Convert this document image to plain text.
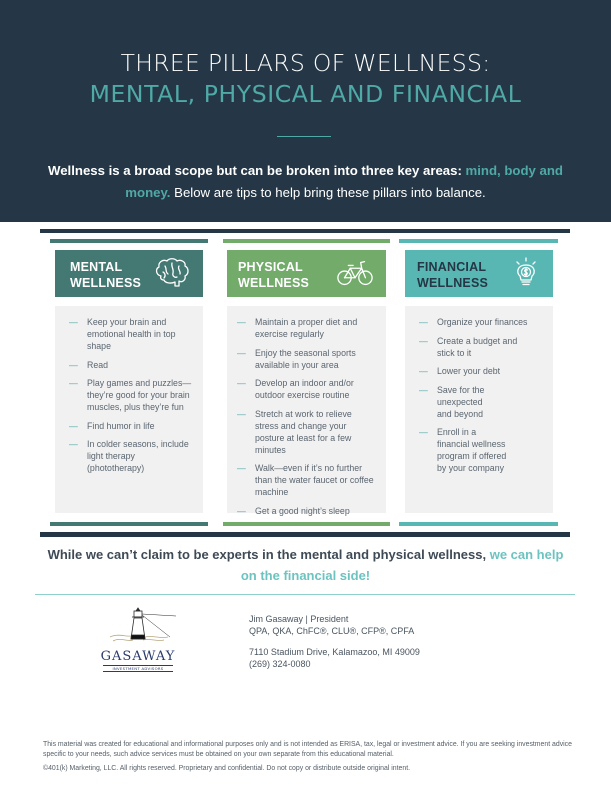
THREE PILLARS OF WELLNESS:
MENTAL, PHYSICAL AND FINANCIAL
Wellness is a broad scope but can be broken into three key areas: mind, body and money. Below are tips to help bring these pillars into balance.
MENTAL
WELLNESS
— Keep your brain and emotional health in top shape
— Read
— Play games and puzzles—they’re good for your brain muscles, plus they’re fun
— Find humor in life
— In colder seasons, include light therapy (phototherapy)
PHYSICAL
WELLNESS
— Maintain a proper diet and exercise regularly
— Enjoy the seasonal sports available in your area
— Develop an indoor and/or outdoor exercise routine
— Stretch at work to relieve stress and change your posture at least for a few minutes
— Walk—even if it’s no further than the water faucet or coffee machine
— Get a good night’s sleep
FINANCIAL
WELLNESS
— Organize your finances
— Create a budget and stick to it
— Lower your debt
— Save for the unexpected and beyond
— Enroll in a financial wellness program if offered by your company
While we can’t claim to be experts in the mental and physical wellness, we can help on the financial side!
GASAWAY
INVESTMENT ADVISORS
Jim Gasaway | President
QPA, QKA, ChFC®, CLU®, CFP®, CPFA
7110 Stadium Drive, Kalamazoo, MI 49009
(269) 324-0080
This material was created for educational and informational purposes only and is not intended as ERISA, tax, legal or investment advice. If you are seeking investment advice specific to your needs, such advice services must be obtained on your own separate from this educational material.
©401(k) Marketing, LLC. All rights reserved. Proprietary and confidential. Do not copy or distribute outside original intent.
